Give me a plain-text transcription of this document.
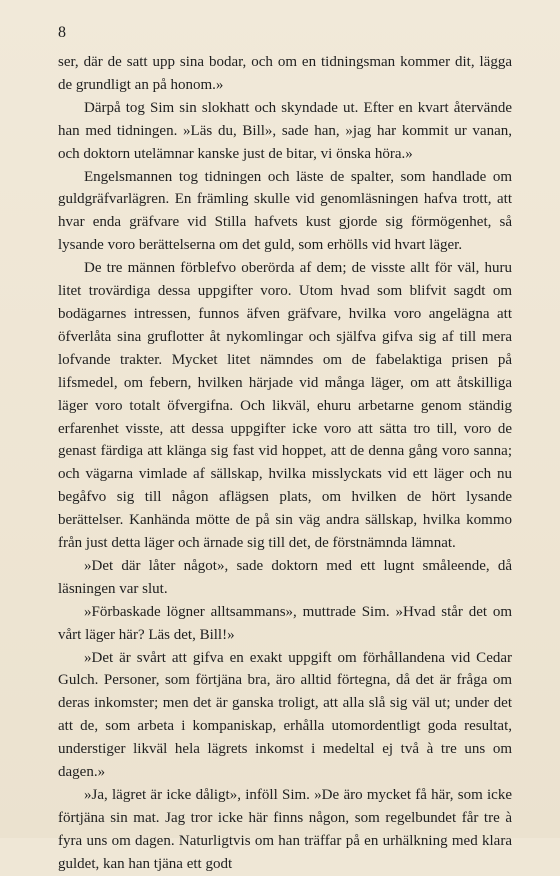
8

ser, där de satt upp sina bodar, och om en tidningsman kommer dit, lägga de grundligt an på honom.»

Därpå tog Sim sin slokhatt och skyndade ut. Efter en kvart återvände han med tidningen. »Läs du, Bill», sade han, »jag har kommit ur vanan, och doktorn utelämnar kanske just de bitar, vi önska höra.»

Engelsmannen tog tidningen och läste de spalter, som handlade om guldgräfvarlägren. En främling skulle vid genomläsningen hafva trott, att hvar enda gräfvare vid Stilla hafvets kust gjorde sig förmögenhet, så lysande voro berättelserna om det guld, som erhölls vid hvart läger.

De tre männen förblefvo oberörda af dem; de visste allt för väl, huru litet trovärdiga dessa uppgifter voro. Utom hvad som blifvit sagdt om bodägarnes intressen, funnos äfven gräfvare, hvilka voro angelägna att öfverlåta sina gruflotter åt nykomlingar och själfva gifva sig af till mera lofvande trakter. Mycket litet nämndes om de fabelaktiga prisen på lifsmedel, om febern, hvilken härjade vid många läger, om att åtskilliga läger voro totalt öfvergifna. Och likväl, ehuru arbetarne genom ständig erfarenhet visste, att dessa uppgifter icke voro att sätta tro till, voro de genast färdiga att klänga sig fast vid hoppet, att de denna gång voro sanna; och vägarna vimlade af sällskap, hvilka misslyckats vid ett läger och nu begåfvo sig till någon aflägsen plats, om hvilken de hört lysande berättelser. Kanhända mötte de på sin väg andra sällskap, hvilka kommo från just detta läger och ärnade sig till det, de förstnämnda lämnat.

»Det där låter något», sade doktorn med ett lugnt småleende, då läsningen var slut.

»Förbaskade lögner alltsammans», muttrade Sim. »Hvad står det om vårt läger här? Läs det, Bill!»

»Det är svårt att gifva en exakt uppgift om förhållandena vid Cedar Gulch. Personer, som förtjäna bra, äro alltid förtegna, då det är fråga om deras inkomster; men det är ganska troligt, att alla slå sig väl ut; under det att de, som arbeta i kompaniskap, erhålla utomordentligt goda resultat, understiger likväl hela lägrets inkomst i medeltal ej två à tre uns om dagen.»

»Ja, lägret är icke dåligt», inföll Sim. »De äro mycket få här, som icke förtjäna sin mat. Jag tror icke här finns någon, som regelbundet får tre à fyra uns om dagen. Naturligtvis om han träffar på en urhälkning med klara guldet, kan han tjäna ett godt
